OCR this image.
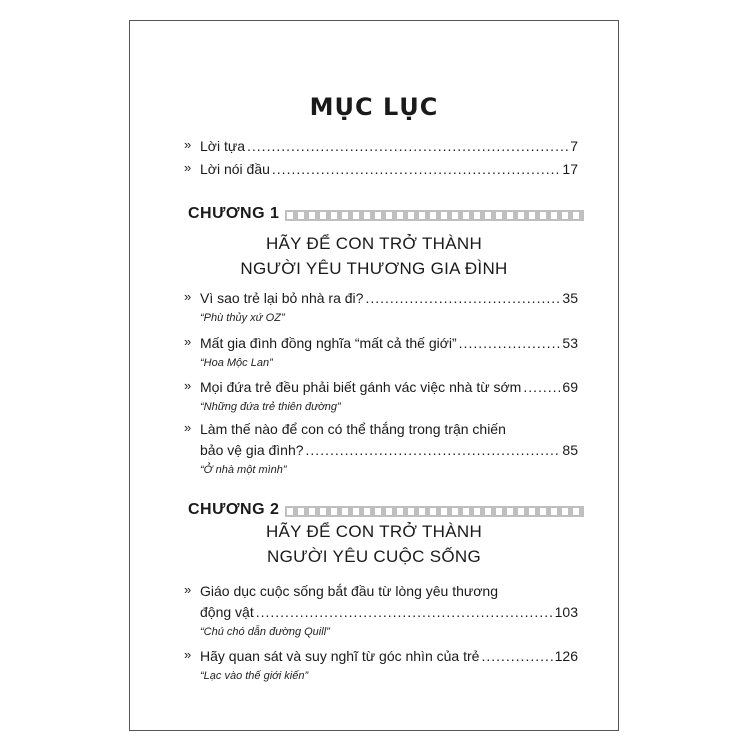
MỤC LỤC
» Lời tựa .....	7
» Lời nói đầu .....	17
CHƯƠNG 1
HÃY ĐỂ CON TRỞ THÀNH
NGƯỜI YÊU THƯƠNG GIA ĐÌNH
» Vì sao trẻ lại bỏ nhà ra đi? .....	35
“Phù thủy xứ OZ”
» Mất gia đình đồng nghĩa “mất cả thế giới” .....	53
“Hoa Mộc Lan”
» Mọi đứa trẻ đều phải biết gánh vác việc nhà từ sớm .....	69
“Những đứa trẻ thiên đường”
» Làm thế nào để con có thể thắng trong trận chiến
bảo vệ gia đình? .....	85
“Ở nhà một mình”
CHƯƠNG 2
HÃY ĐỂ CON TRỞ THÀNH
NGƯỜI YÊU CUỘC SỐNG
» Giáo dục cuộc sống bắt đầu từ lòng yêu thương
động vật .....	103
“Chú chó dẫn đường Quill”
» Hãy quan sát và suy nghĩ từ góc nhìn của trẻ .....	126
“Lạc vào thế giới kiến”
